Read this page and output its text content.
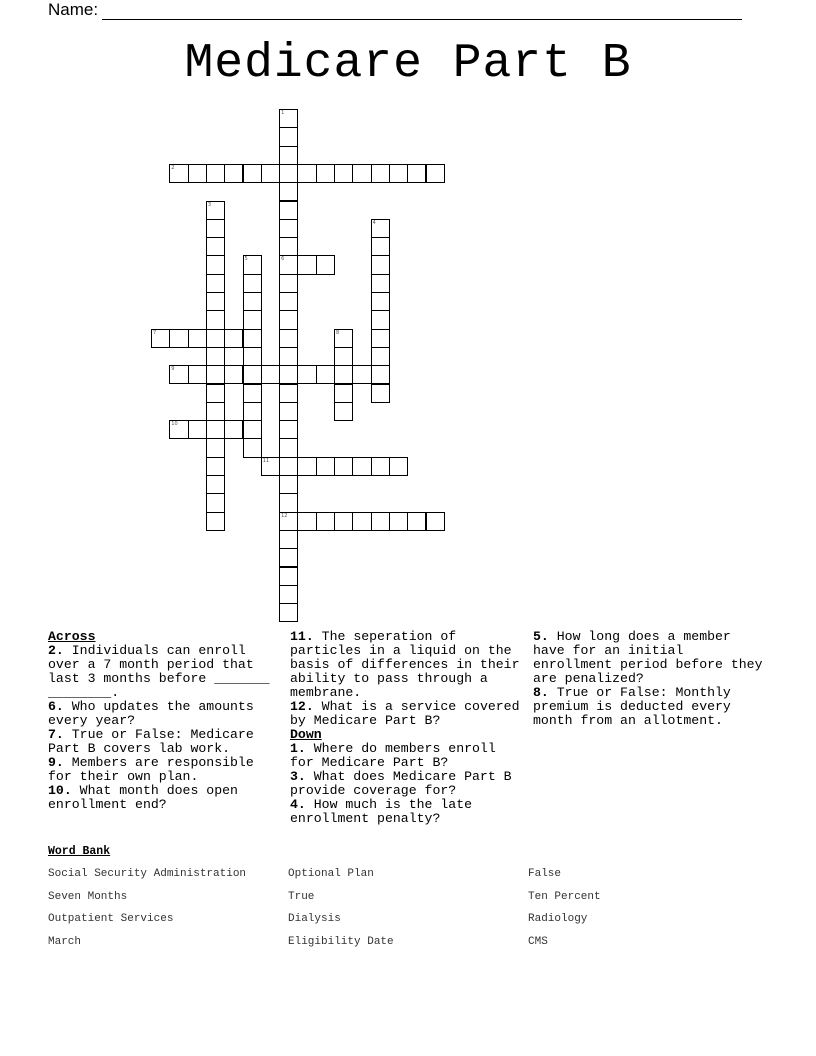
Name:
Medicare Part B
1
2
3
4
5	6
7	8
9
10
11
12
Across
2. Individuals can enroll over a 7 month period that last 3 months before _______ ________.
6. Who updates the amounts every year?
7. True or False: Medicare Part B covers lab work.
9. Members are responsible for their own plan.
10. What month does open enrollment end?
11. The seperation of particles in a liquid on the basis of differences in their ability to pass through a membrane.
12. What is a service covered by Medicare Part B?
Down
1. Where do members enroll for Medicare Part B?
3. What does Medicare Part B provide coverage for?
4. How much is the late enrollment penalty?
5. How long does a member have for an initial enrollment period before they are penalized?
8. True or False: Monthly premium is deducted every month from an allotment.
Word Bank
Social Security Administration	Optional Plan	False
Seven Months	True	Ten Percent
Outpatient Services	Dialysis	Radiology
March	Eligibility Date	CMS
